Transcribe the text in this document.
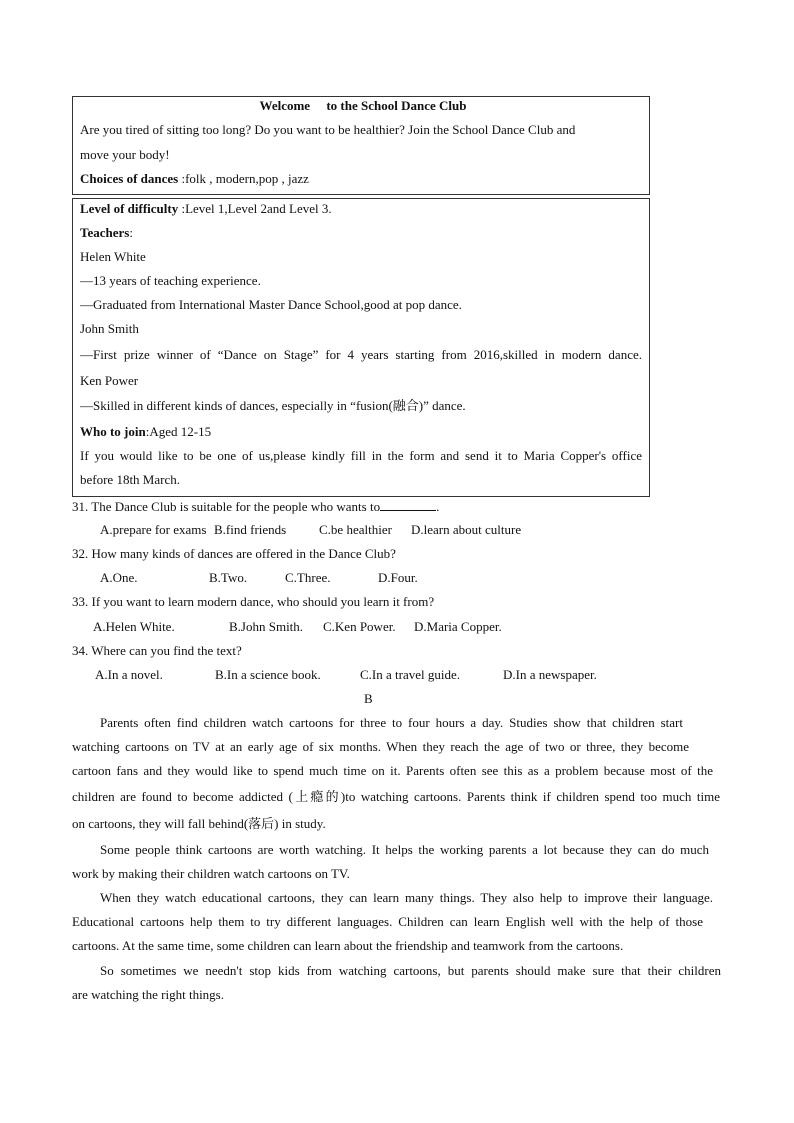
Welcome to the School Dance Club
Are you tired of sitting too long? Do you want to be healthier? Join the School Dance Club and
move your body!
Choices of dances :folk , modern,pop , jazz
Level of difficulty :Level 1,Level 2and Level 3.
Teachers:
Helen White
—13 years of teaching experience.
—Graduated from International Master Dance School,good at pop dance.
John Smith
—First prize winner of “Dance on Stage” for 4 years starting from 2016,skilled in modern dance.
Ken Power
—Skilled in different kinds of dances, especially in “fusion(融合)” dance.
Who to join:Aged 12-15
If you would like to be one of us,please kindly fill in the form and send it to Maria Copper's office
before 18th March.
31. The Dance Club is suitable for the people who wants to	.
A.prepare for exams B.find friends	C.be healthier D.learn about culture
32. How many kinds of dances are offered in the Dance Club?
A.One.	B.Two.	C.Three.	D.Four.
33. If you want to learn modern dance, who should you learn it from?
A.Helen White.	B.John Smith. C.Ken Power. D.Maria Copper.
34. Where can you find the text?
A.In a novel.	B.In a science book.	C.In a travel guide.	D.In a newspaper.
B
Parents often find children watch cartoons for three to four hours a day. Studies show that children start
watching cartoons on TV at an early age of six months. When they reach the age of two or three, they become
cartoon fans and they would like to spend much time on it. Parents often see this as a problem because most of the
children are found to become addicted (上瘾的)to watching cartoons. Parents think if children spend too much time
on cartoons, they will fall behind(落后) in study.
Some people think cartoons are worth watching. It helps the working parents a lot because they can do much
work by making their children watch cartoons on TV.
When they watch educational cartoons, they can learn many things. They also help to improve their language.
Educational cartoons help them to try different languages. Children can learn English well with the help of those
cartoons. At the same time, some children can learn about the friendship and teamwork from the cartoons.
So sometimes we needn't stop kids from watching cartoons, but parents should make sure that their children
are watching the right things.
